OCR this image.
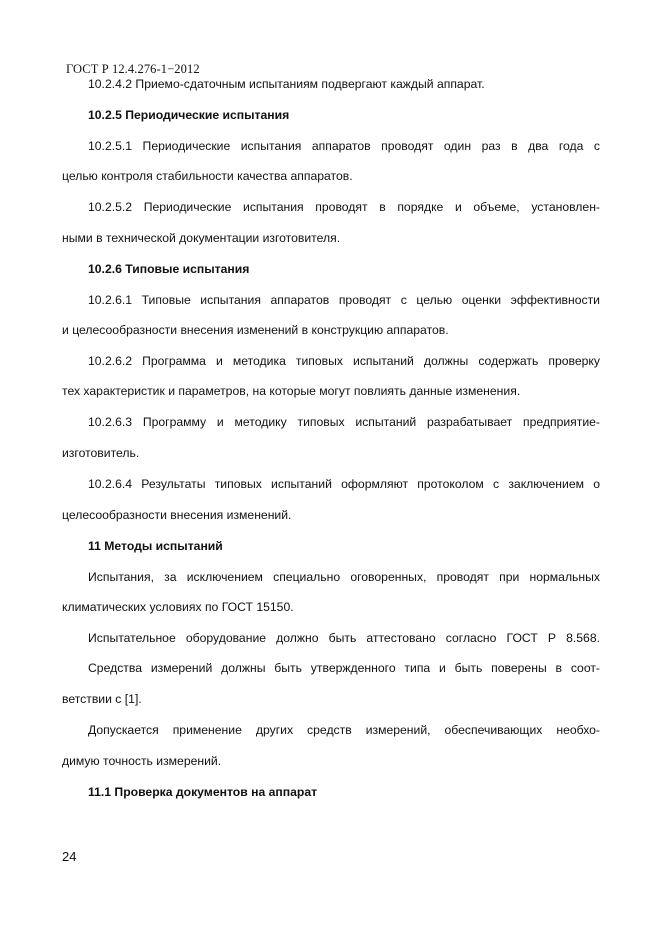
ГОСТ Р 12.4.276-1−2012
10.2.4.2 Приемо-сдаточным испытаниям подвергают каждый аппарат.
10.2.5 Периодические испытания
10.2.5.1 Периодические испытания аппаратов проводят один раз в два года с
целью контроля стабильности качества аппаратов.
10.2.5.2 Периодические испытания проводят в порядке и объеме, установлен-
ными в технической документации изготовителя.
10.2.6 Типовые испытания
10.2.6.1 Типовые испытания аппаратов проводят с целью оценки эффективности
и целесообразности внесения изменений в конструкцию аппаратов.
10.2.6.2 Программа и методика типовых испытаний должны содержать проверку
тех характеристик и параметров, на которые могут повлиять данные изменения.
10.2.6.3 Программу и методику типовых испытаний разрабатывает предприятие-
изготовитель.
10.2.6.4 Результаты типовых испытаний оформляют протоколом с заключением о
целесообразности внесения изменений.
11 Методы испытаний
Испытания, за исключением специально оговоренных, проводят при нормальных
климатических условиях по ГОСТ 15150.
Испытательное оборудование должно быть аттестовано согласно ГОСТ Р 8.568.
Средства измерений должны быть утвержденного типа и быть поверены в соот-
ветствии с [1].
Допускается применение других средств измерений, обеспечивающих необхо-
димую точность измерений.
11.1 Проверка документов на аппарат
24
